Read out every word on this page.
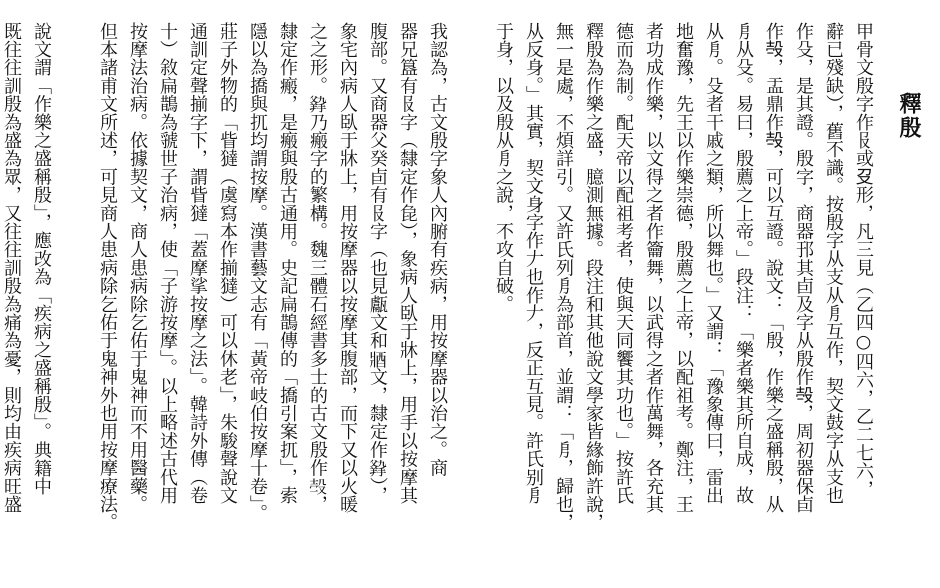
釋殷
甲骨文殷字作𠬝或𠬛形，凡三見（乙四○四六，乙二七六，
辭已殘缺），舊不識。按殷字从支从㐆互作，契文鼓字从支也
作殳，是其證。殷字，商器邘其卣及字从殷作𣪊，周初器保卣
作𣪊，盂鼎作𣪊，可以互證。說文：「殷，作樂之盛稱殷，从
㐆从殳。易曰，殷薦之上帝。」段注：「樂者樂其所自成，故
从㐆。殳者干戚之類，所以舞也。」又謂：「豫象傳曰，雷出
地奮豫，先王以作樂崇德，殷薦之上帝，以配祖考。鄭注，王
者功成作樂，以文得之者作籥舞，以武得之者作萬舞，各充其
德而為制。配天帝以配祖考者，使與天同饗其功也。」按許氏
釋殷為作樂之盛，臆測無據。段注和其他說文學家皆緣飾許說，
無一是處，不煩詳引。又許氏列㐆為部首，並謂：「㐆，歸也，
从反身。」其實，契文身字作𠂇也作𠂇，反正互見。許氏别㐆
于身，以及殷从㐆之說，不攻自破。
我認為，古文殷字象人內腑有疾病，用按摩器以治之。商
器兄簋有𠬝字（隸定作㲋），象病人臥于牀上，用手以按摩其
腹部。又商器父癸卣有𠬝字（也見甗文和𨟻文，隸定作𤕛），
象宅內病人臥于牀上，用按摩器以按摩其腹部，而下又以火暖
之之形。𤕛乃瘢字的繁構。魏三體石經書多士的古文殷作𣪊，
隸定作瘢，是瘢與殷古通用。史記扁鵲傳的「撟引案扤」，索
隱以為撟與扤均謂按摩。漢書藝文志有「黃帝岐伯按摩十卷」。
莊子外物的「眥㺚（虞寫本作揃㺚）可以休老」，朱駿聲說文
通訓定聲揃字下，謂眥㺚「蓋摩挲按摩之法」。韓詩外傳（卷
十）敘扁鵲為虢世子治病，使「子游按摩」。以上略述古代用
按摩法治病。依據契文，商人患病除乞佑于鬼神而不用醫藥。
但本諸甫文所述，可見商人患病除乞佑于鬼神外也用按摩療法。
說文謂「作樂之盛稱殷」，應改為「疾病之盛稱殷」。典籍中
既往往訓殷為盛為眾，又往往訓殷為痛為憂，則均由疾病旺盛
